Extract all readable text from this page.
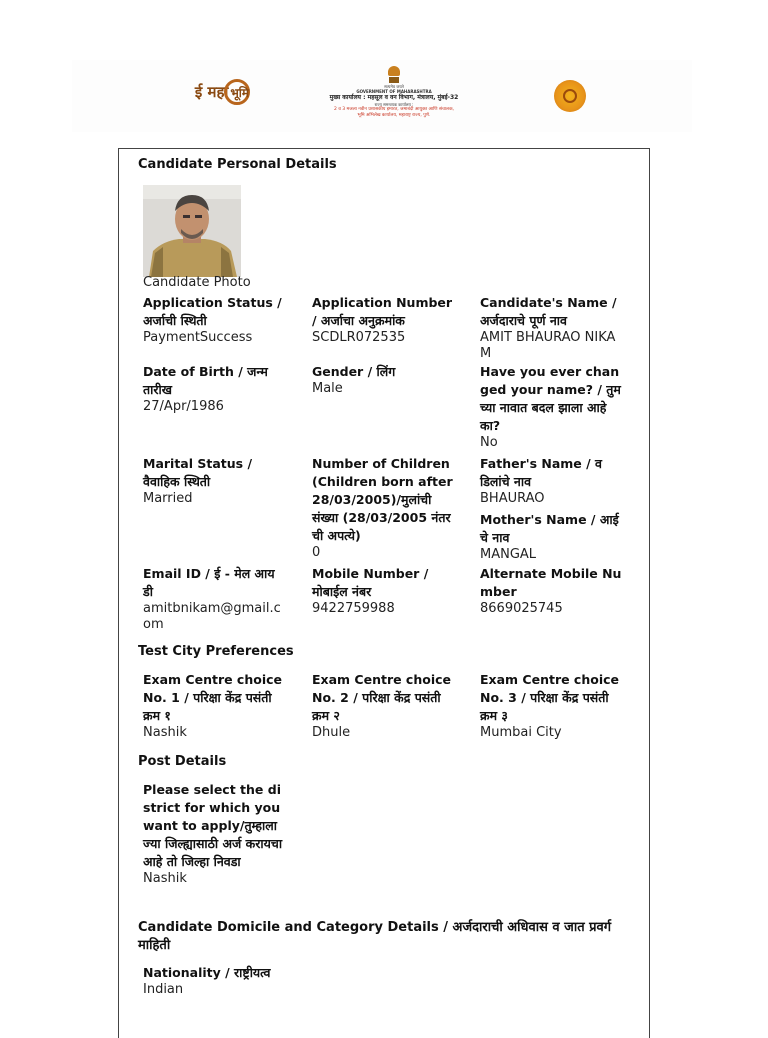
ई महा भूमि	सत्यमेव जयते
GOVERNMENT OF MAHARASHTRA
मुख्य कार्यालय : महसूल व वन विभाग, मंत्रालय, मुंबई-32
राज्य समन्वयक कार्यालय :
2 व 3 मजला नवीन प्रशासकीय इमारत, जमाबंदी आयुक्त आणि संचालक,
भूमि अभिलेख कार्यालय, महाराष्ट्र राज्य, पुणे.
Candidate Personal Details
Candidate Photo
Application Status / अर्जाची स्थिती
PaymentSuccess
Application Number / अर्जाचा अनुक्रमांक
SCDLR072535
Candidate's Name / अर्जदाराचे पूर्ण नाव
AMIT BHAURAO NIKAM
Date of Birth / जन्म तारीख
27/Apr/1986
Gender / लिंग
Male
Have you ever changed your name? / तुमच्या नावात बदल झाला आहे का?
No
Marital Status / वैवाहिक स्थिती
Married
Number of Children (Children born after 28/03/2005)/मुलांची संख्या (28/03/2005 नंतर ची अपत्ये)
0
Father's Name / वडिलांचे नाव
BHAURAO
Mother's Name / आईचे नाव
MANGAL
Email ID / ई - मेल आयडी
amitbnikam@gmail.com
Mobile Number / मोबाईल नंबर
9422759988
Alternate Mobile Number
8669025745
Test City Preferences
Exam Centre choice No. 1 / परिक्षा केंद्र पसंती क्रम १
Nashik
Exam Centre choice No. 2 / परिक्षा केंद्र पसंती क्रम २
Dhule
Exam Centre choice No. 3 / परिक्षा केंद्र पसंती क्रम ३
Mumbai City
Post Details
Please select the district for which you want to apply/तुम्हाला ज्या जिल्ह्यासाठी अर्ज करायचा आहे तो जिल्हा निवडा
Nashik
Candidate Domicile and Category Details / अर्जदाराची अधिवास व जात प्रवर्ग माहिती
Nationality / राष्ट्रीयत्व
Indian
